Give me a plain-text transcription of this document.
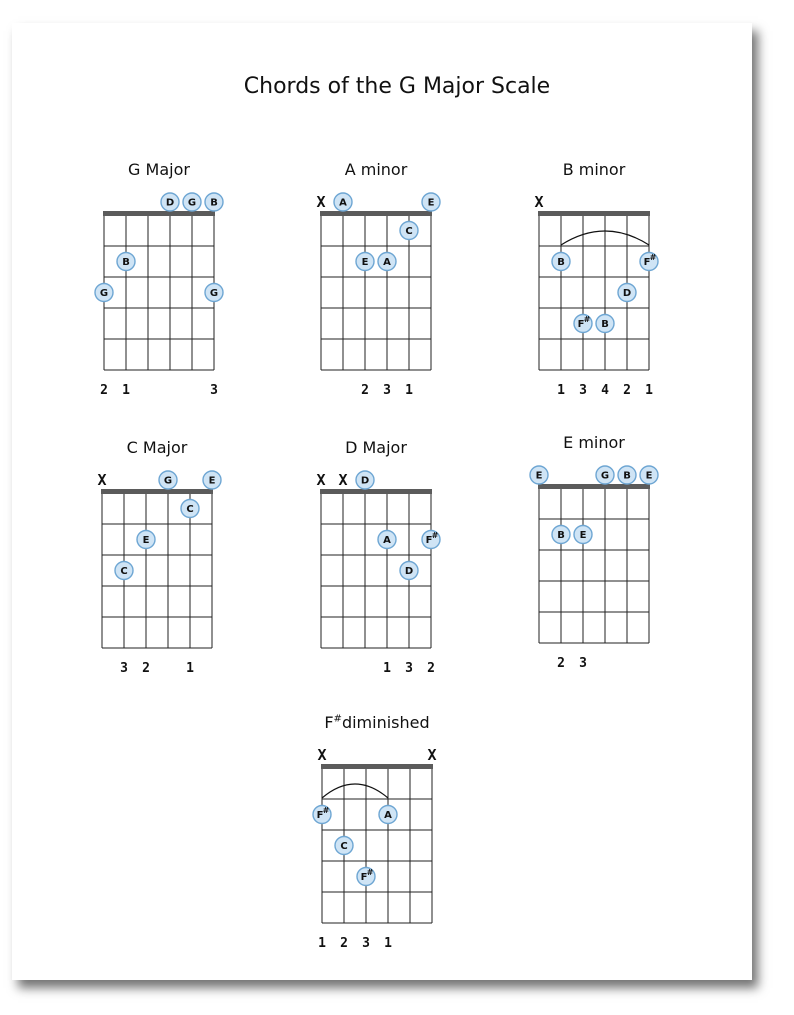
Chords of the G Major Scale
G Major
D G B
B
G	G
2 1	3
A minor
X A	E
C
E A
2 3 1
B minor
X
B	F #
D
F # B
1 3 4 2 1
C Major
X	G	E
C
E
C
3 2	1
D Major
X X D
A	F #
D
1 3 2
E minor
E	G B E
B E
2 3
F#diminished
X	X
F #	A
C
F #
1 2 3 1
